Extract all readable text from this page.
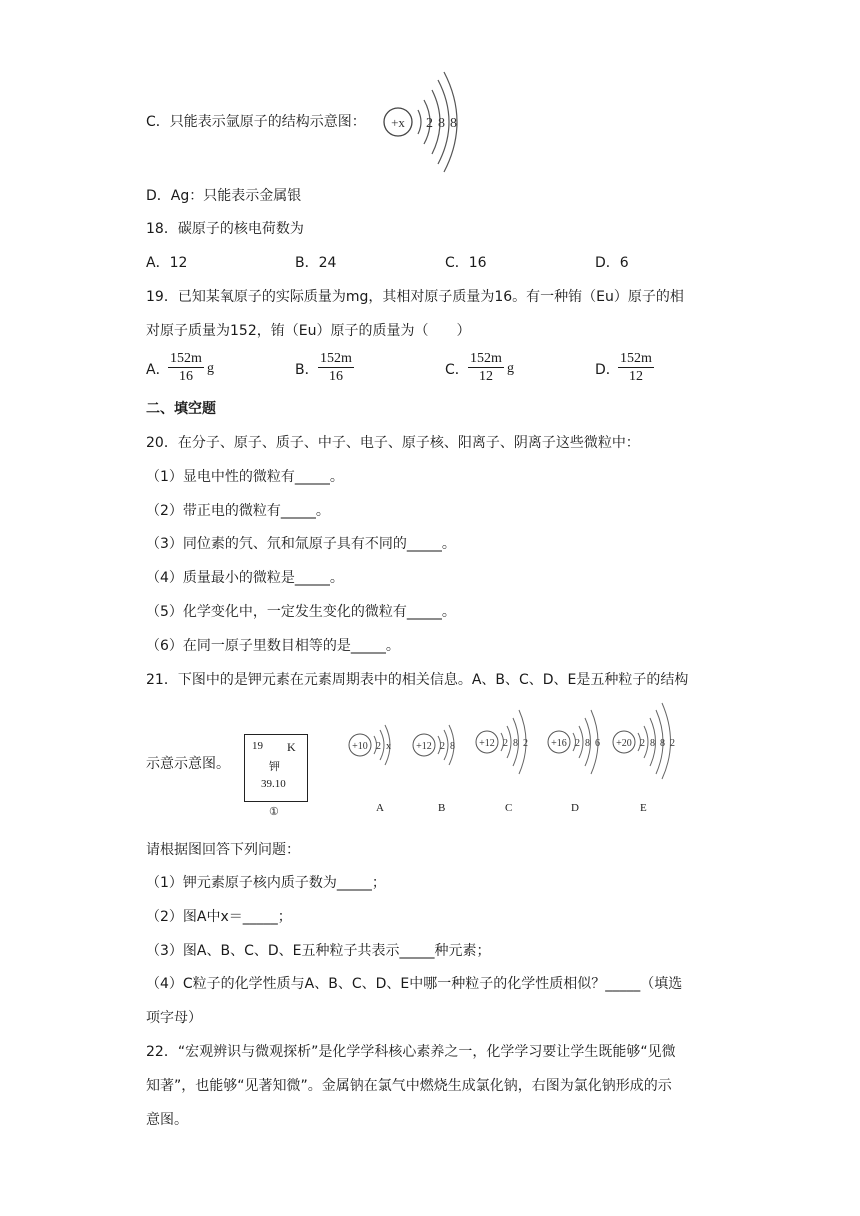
C．只能表示氩原子的结构示意图： +x 2 8 8
D．Ag：只能表示金属银
18．碳原子的核电荷数为
A．12	B．24	C．16	D．6
19．已知某氧原子的实际质量为mg，其相对原子质量为16。有一种铕（Eu）原子的相
对原子质量为152，铕（Eu）原子的质量为（　　）
A．
$\frac{152m}{16}$ g	B． $\frac{152m}{16}$	C． $\frac{152m}{12}$ g	D．
$\frac{152m}{12}$
二、填空题
20．在分子、原子、质子、中子、电子、原子核、阳离子、阴离子这些微粒中：
（1）显电中性的微粒有_____。
（2）带正电的微粒有_____。
（3）同位素的氕、氘和氚原子具有不同的_____。
（4）质量最小的微粒是_____。
（5）化学变化中，一定发生变化的微粒有_____。
（6）在同一原子里数目相等的是_____。
21．下图中的是钾元素在元素周期表中的相关信息。A、B、C、D、E是五种粒子的结构
示意示意图。
19 K
钾
39.10
①
+10 2 x
A
+12 2 8
B
+12 2 8 2
C
+16 2 8 6
D
+20 2 8 8 2
E
请根据图回答下列问题：
（1）钾元素原子核内质子数为_____；
（2）图A中x＝_____；
（3）图A、B、C、D、E五种粒子共表示_____种元素；
（4）C粒子的化学性质与A、B、C、D、E中哪一种粒子的化学性质相似？_____（填选
项字母）
22．“宏观辨识与微观探析”是化学学科核心素养之一，化学学习要让学生既能够“见微
知著”，也能够“见著知微”。金属钠在氯气中燃烧生成氯化钠，右图为氯化钠形成的示
意图。
